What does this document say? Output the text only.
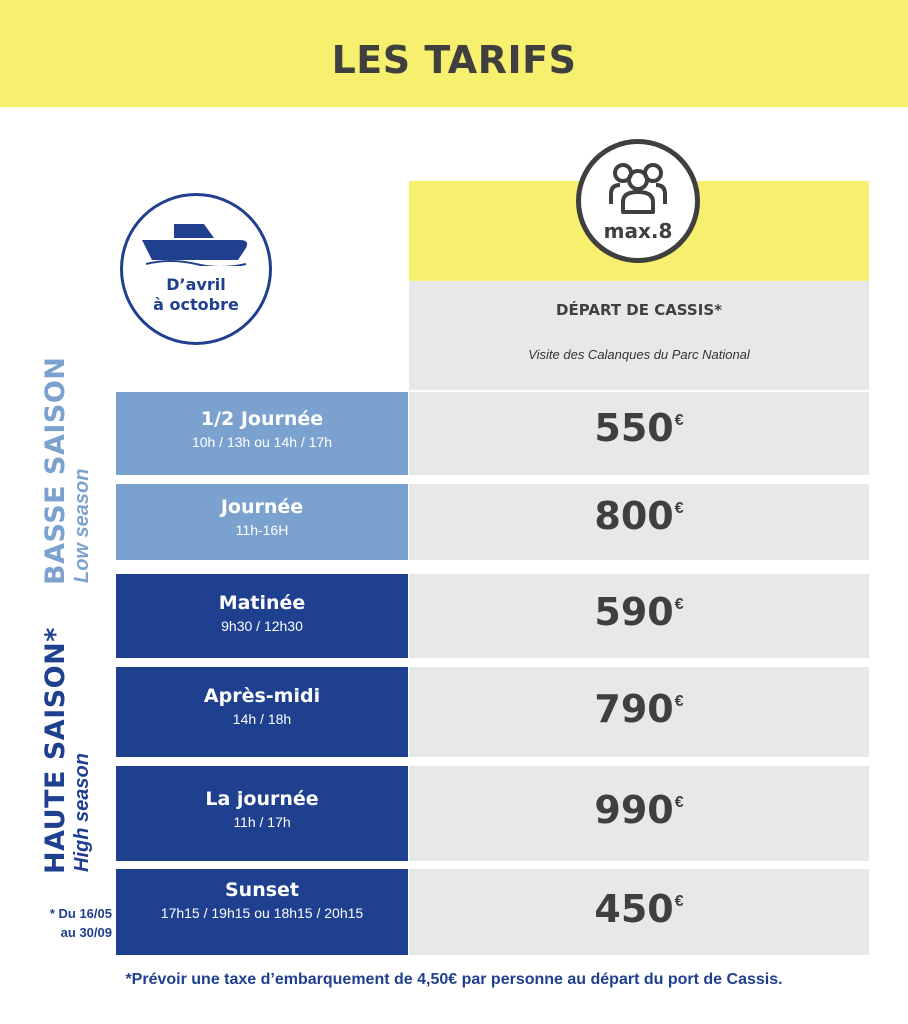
LES TARIFS
max.8
D’avril
à octobre	DÉPART DE CASSIS*
Visite des Calanques du Parc National
BASSE SAISON Low season
HAUTE SAISON* High season
1/2 Journée
10h / 13h ou 14h / 17h	550€
Journée
11h-16H	800€
Matinée
9h30 / 12h30	590€
Après-midi
14h / 18h	790€
La journée
11h / 17h	990€
Sunset
17h15 / 19h15 ou 18h15 / 20h15	450€
* Du 16/05
au 30/09
*Prévoir une taxe d’embarquement de 4,50€ par personne au départ du port de Cassis.
